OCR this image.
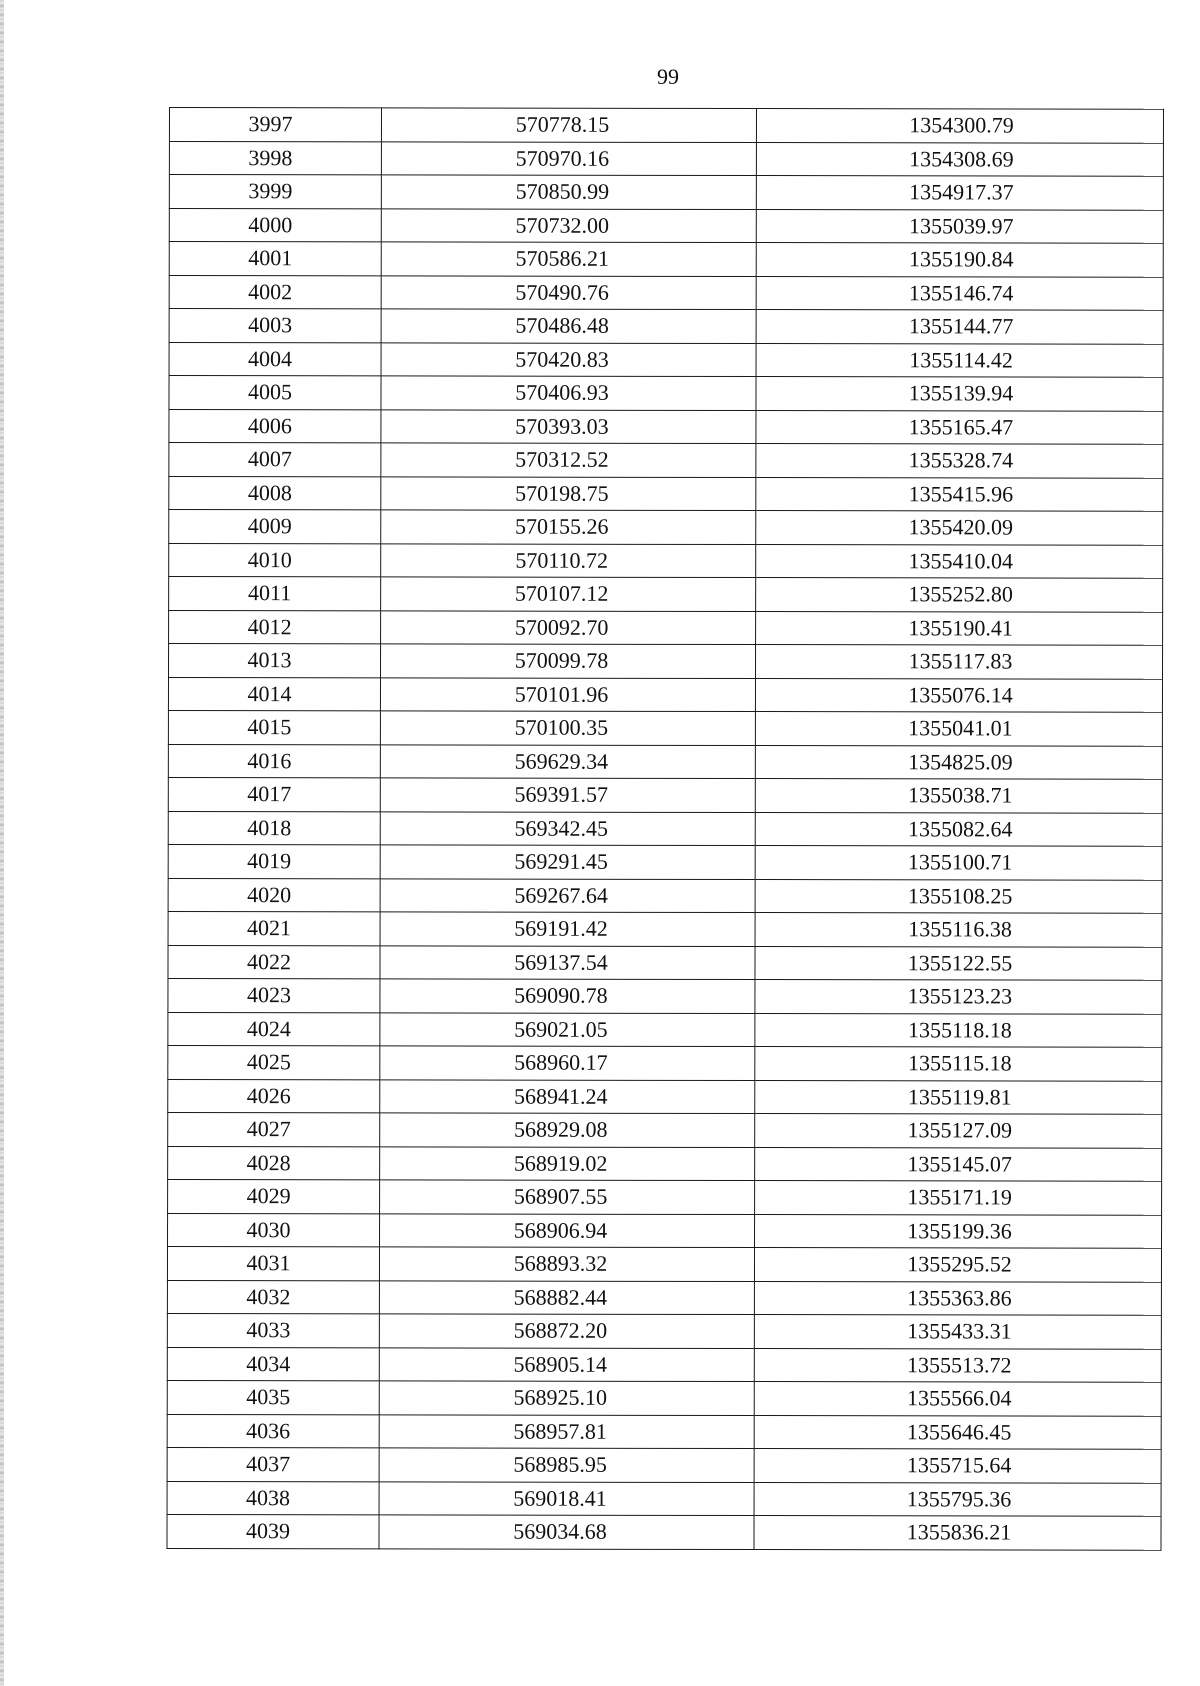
99
3997	570778.15	1354300.79
3998	570970.16	1354308.69
3999	570850.99	1354917.37
4000	570732.00	1355039.97
4001	570586.21	1355190.84
4002	570490.76	1355146.74
4003	570486.48	1355144.77
4004	570420.83	1355114.42
4005	570406.93	1355139.94
4006	570393.03	1355165.47
4007	570312.52	1355328.74
4008	570198.75	1355415.96
4009	570155.26	1355420.09
4010	570110.72	1355410.04
4011	570107.12	1355252.80
4012	570092.70	1355190.41
4013	570099.78	1355117.83
4014	570101.96	1355076.14
4015	570100.35	1355041.01
4016	569629.34	1354825.09
4017	569391.57	1355038.71
4018	569342.45	1355082.64
4019	569291.45	1355100.71
4020	569267.64	1355108.25
4021	569191.42	1355116.38
4022	569137.54	1355122.55
4023	569090.78	1355123.23
4024	569021.05	1355118.18
4025	568960.17	1355115.18
4026	568941.24	1355119.81
4027	568929.08	1355127.09
4028	568919.02	1355145.07
4029	568907.55	1355171.19
4030	568906.94	1355199.36
4031	568893.32	1355295.52
4032	568882.44	1355363.86
4033	568872.20	1355433.31
4034	568905.14	1355513.72
4035	568925.10	1355566.04
4036	568957.81	1355646.45
4037	568985.95	1355715.64
4038	569018.41	1355795.36
4039	569034.68	1355836.21
